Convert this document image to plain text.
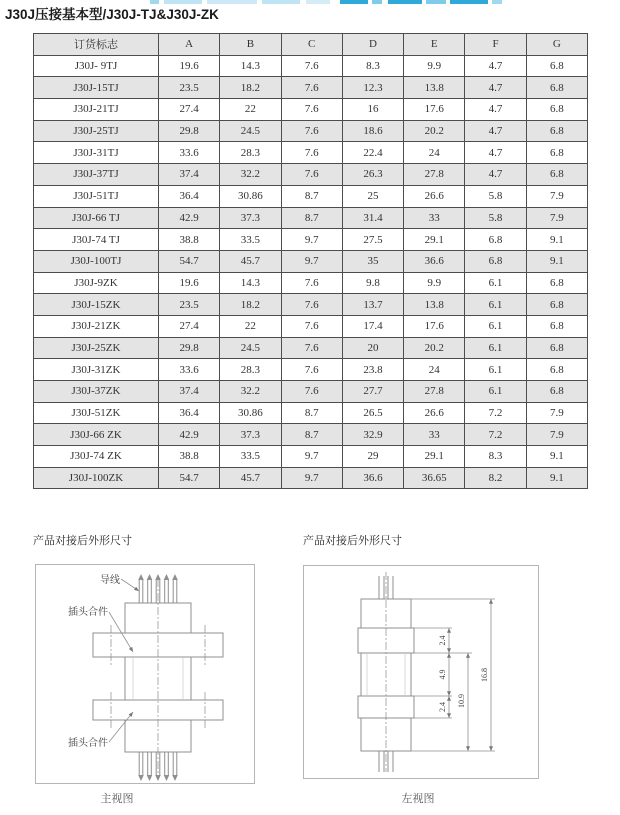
J30J压接基本型/J30J-TJ&J30J-ZK
订货标志	A	B	C	D	E	F	G
J30J- 9TJ	19.6	14.3	7.6	8.3	9.9	4.7	6.8
J30J-15TJ	23.5	18.2	7.6	12.3	13.8	4.7	6.8
J30J-21TJ	27.4	22	7.6	16	17.6	4.7	6.8
J30J-25TJ	29.8	24.5	7.6	18.6	20.2	4.7	6.8
J30J-31TJ	33.6	28.3	7.6	22.4	24	4.7	6.8
J30J-37TJ	37.4	32.2	7.6	26.3	27.8	4.7	6.8
J30J-51TJ	36.4	30.86	8.7	25	26.6	5.8	7.9
J30J-66 TJ	42.9	37.3	8.7	31.4	33	5.8	7.9
J30J-74 TJ	38.8	33.5	9.7	27.5	29.1	6.8	9.1
J30J-100TJ	54.7	45.7	9.7	35	36.6	6.8	9.1
J30J-9ZK	19.6	14.3	7.6	9.8	9.9	6.1	6.8
J30J-15ZK	23.5	18.2	7.6	13.7	13.8	6.1	6.8
J30J-21ZK	27.4	22	7.6	17.4	17.6	6.1	6.8
J30J-25ZK	29.8	24.5	7.6	20	20.2	6.1	6.8
J30J-31ZK	33.6	28.3	7.6	23.8	24	6.1	6.8
J30J-37ZK	37.4	32.2	7.6	27.7	27.8	6.1	6.8
J30J-51ZK	36.4	30.86	8.7	26.5	26.6	7.2	7.9
J30J-66 ZK	42.9	37.3	8.7	32.9	33	7.2	7.9
J30J-74 ZK	38.8	33.5	9.7	29	29.1	8.3	9.1
J30J-100ZK	54.7	45.7	9.7	36.6	36.65	8.2	9.1
产品对接后外形尺寸	产品对接后外形尺寸
导线
插头合件
插头合件
2.4
4.9
2.4 10.9
16.8
主视图	左视图
